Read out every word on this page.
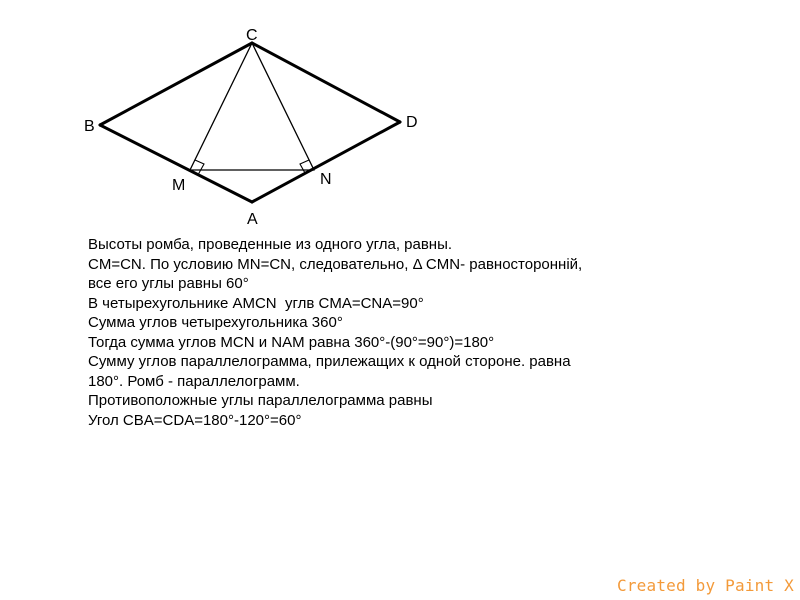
B
C
D
A
M	N
Высоты ромба, проведенные из одного угла, равны.
CM=CN. По условию MN=CN, следовательно, Δ CMN- равносторонній,
все его углы равны 60°
В четырехугольнике AMCN  углв CMA=CNA=90°
Сумма углов четырехугольника 360°
Тогда сумма углов MCN и NAM равна 360°-(90°=90°)=180°
Сумму углов параллелограмма, прилежащих к одной стороне. равна
180°. Ромб - параллелограмм.
Противоположные углы параллелограмма равны
Угол CBA=CDA=180°-120°=60°
Created by Paint X
